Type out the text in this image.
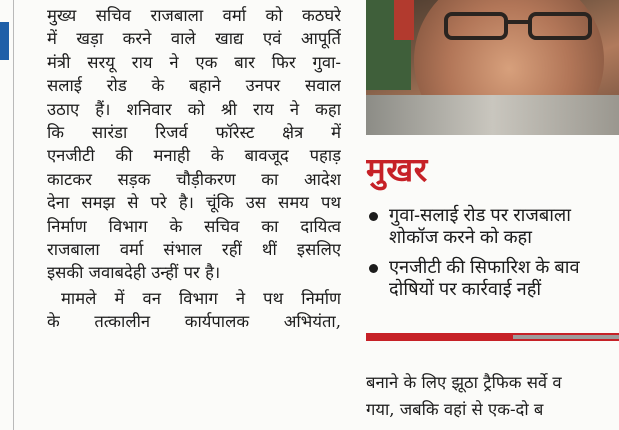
मुख्य सचिव राजबाला वर्मा को कठघरे

में खड़ा करने वाले खाद्य एवं आपूर्ति

मंत्री सरयू राय ने एक बार फिर गुवा-

सलाई रोड के बहाने उनपर सवाल

उठाए हैं। शनिवार को श्री राय ने कहा

कि सारंडा रिजर्व फॉरेस्ट क्षेत्र में

एनजीटी की मनाही के बावजूद पहाड़

काटकर सड़क चौड़ीकरण का आदेश

देना समझ से परे है। चूंकि उस समय पथ

निर्माण विभाग के सचिव का दायित्व

राजबाला वर्मा संभाल रहीं थीं इसलिए

इसकी जवाबदेही उन्हीं पर है।

मामले में वन विभाग ने पथ निर्माण

के तत्कालीन कार्यपालक अभियंता,

मुखर
गुवा-सलाई रोड पर राजबाला
शोकॉज करने को कहा
एनजीटी की सिफारिश के बाव
दोषियों पर कार्रवाई नहीं
बनाने के लिए झूठा ट्रैफिक सर्वे व
गया, जबकि वहां से एक-दो ब
